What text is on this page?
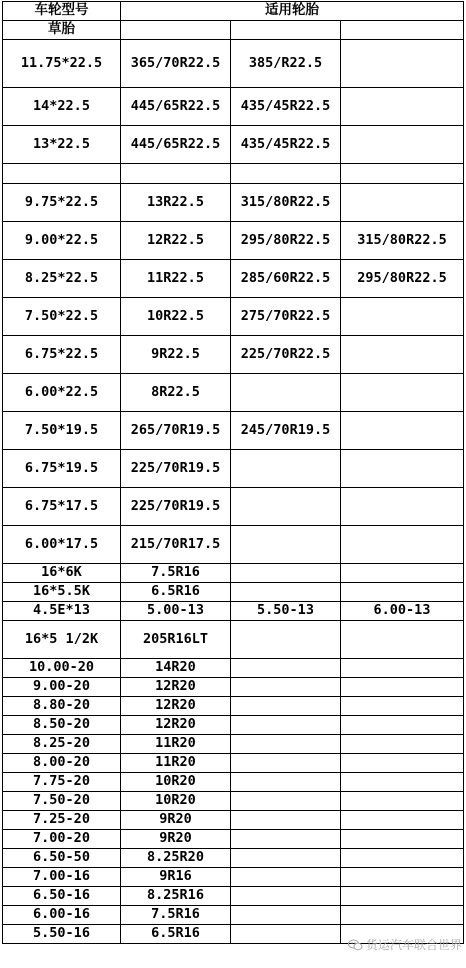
车轮型号	适用轮胎		
草胎			
11.75*22.5	365/70R22.5	385/R22.5	
14*22.5	445/65R22.5	435/45R22.5	
13*22.5	445/65R22.5	435/45R22.5	

9.75*22.5	13R22.5	315/80R22.5	
9.00*22.5	12R22.5	295/80R22.5	315/80R22.5
8.25*22.5	11R22.5	285/60R22.5	295/80R22.5
7.50*22.5	10R22.5	275/70R22.5	
6.75*22.5	9R22.5	225/70R22.5	
6.00*22.5	8R22.5		
7.50*19.5	265/70R19.5	245/70R19.5	
6.75*19.5	225/70R19.5		
6.75*17.5	225/70R19.5		
6.00*17.5	215/70R17.5		
16*6K	7.5R16		
16*5.5K	6.5R16		
4.5E*13	5.00-13	5.50-13	6.00-13
16*5 1/2K	205R16LT		
10.00-20	14R20		
9.00-20	12R20		
8.80-20	12R20		
8.50-20	12R20		
8.25-20	11R20		
8.00-20	11R20		
7.75-20	10R20		
7.50-20	10R20		
7.25-20	9R20		
7.00-20	9R20		
6.50-50	8.25R20		
7.00-16	9R16		
6.50-16	8.25R16		
6.00-16	7.5R16		
5.50-16	6.5R16		
货运汽车联合世界
